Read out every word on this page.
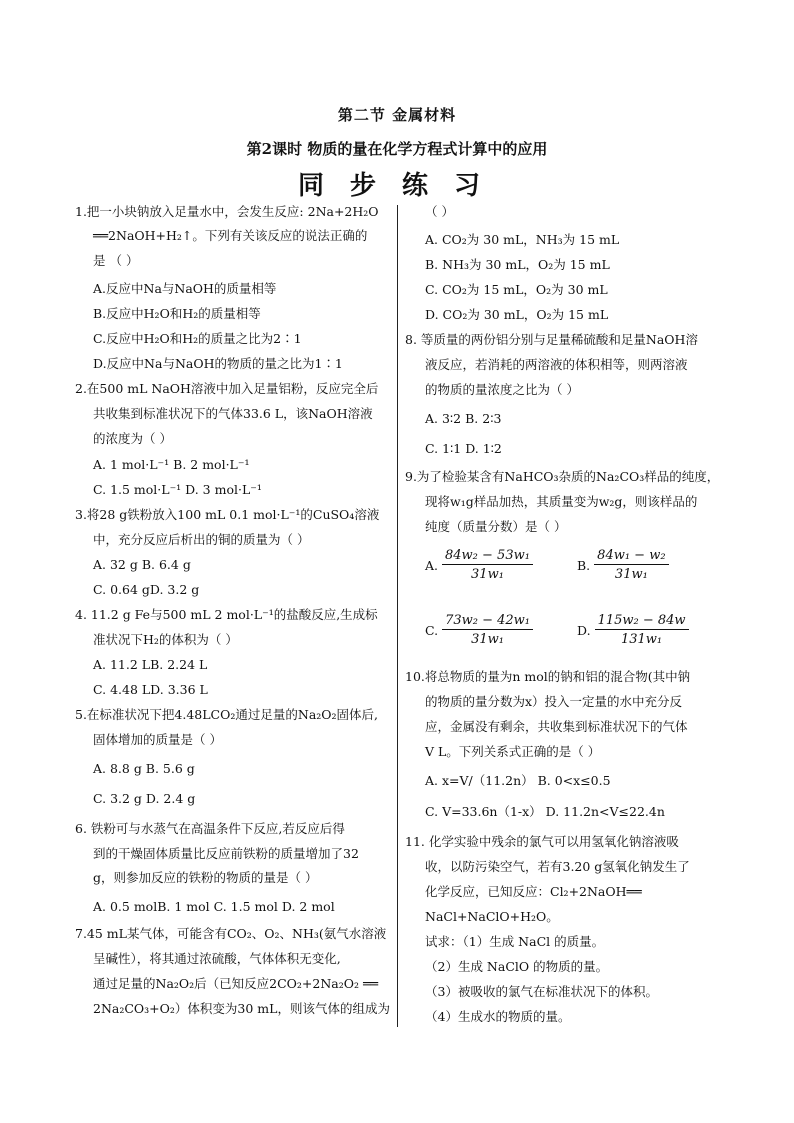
第二节 金属材料
第2课时 物质的量在化学方程式计算中的应用
同步练习
1.把一小块钠放入足量水中，会发生反应: 2Na+2H₂O
══2NaOH+H₂↑。下列有关该反应的说法正确的
是 （ ）
A.反应中Na与NaOH的质量相等
B.反应中H₂O和H₂的质量相等
C.反应中H₂O和H₂的质量之比为2∶1
D.反应中Na与NaOH的物质的量之比为1∶1
2.在500 mL NaOH溶液中加入足量铝粉，反应完全后
共收集到标准状况下的气体33.6 L，该NaOH溶液
的浓度为（ ）
A. 1 mol·L⁻¹ B. 2 mol·L⁻¹
C. 1.5 mol·L⁻¹ D. 3 mol·L⁻¹
3.将28 g铁粉放入100 mL 0.1 mol·L⁻¹的CuSO₄溶液
中，充分反应后析出的铜的质量为（ ）
A. 32 g B. 6.4 g
C. 0.64 gD. 3.2 g
4. 11.2 g Fe与500 mL 2 mol·L⁻¹的盐酸反应,生成标
准状况下H₂的体积为（ ）
A. 11.2 LB. 2.24 L
C. 4.48 LD. 3.36 L
5.在标准状况下把4.48LCO₂通过足量的Na₂O₂固体后,
固体增加的质量是（ ）
A. 8.8 g B. 5.6 g
C. 3.2 g D. 2.4 g
6. 铁粉可与水蒸气在高温条件下反应,若反应后得
到的干燥固体质量比反应前铁粉的质量增加了32
g，则参加反应的铁粉的物质的量是（ ）
A. 0.5 molB. 1 mol C. 1.5 mol D. 2 mol
7.45 mL某气体，可能含有CO₂、O₂、NH₃(氨气水溶液
呈碱性），将其通过浓硫酸，气体体积无变化,
通过足量的Na₂O₂后（已知反应2CO₂+2Na₂O₂ ══
2Na₂CO₃+O₂）体积变为30 mL，则该气体的组成为
（ ）
A. CO₂为 30 mL，NH₃为 15 mL
B. NH₃为 30 mL，O₂为 15 mL
C. CO₂为 15 mL，O₂为 30 mL
D. CO₂为 30 mL，O₂为 15 mL
8. 等质量的两份铝分别与足量稀硫酸和足量NaOH溶
液反应，若消耗的两溶液的体积相等，则两溶液
的物质的量浓度之比为（ ）
A. 3∶2 B. 2∶3
C. 1∶1 D. 1∶2
9.为了检验某含有NaHCO₃杂质的Na₂CO₃样品的纯度，
现将w₁g样品加热，其质量变为w₂g，则该样品的
纯度（质量分数）是（ ）
A. $\frac{\text{84w₂ − 53w₁}}{\text{31w₁}}$	B. $\frac{\text{84w₁ − w₂}}{\text{31w₁}}$
C. $\frac{\text{73w₂ − 42w₁}}{\text{31w₁}}$	D. $\frac{\text{115w₂ − 84w}}{\text{131w₁}}$
10.将总物质的量为n mol的钠和铝的混合物(其中钠
的物质的量分数为x）投入一定量的水中充分反
应，金属没有剩余，共收集到标准状况下的气体
V L。下列关系式正确的是（ ）
A. x=V/（11.2n） B. 0<x≤0.5
C. V=33.6n（1-x） D. 11.2n<V≤22.4n
11. 化学实验中残余的氯气可以用氢氧化钠溶液吸
收，以防污染空气，若有3.20 g氢氧化钠发生了
化学反应，已知反应：Cl₂+2NaOH══
NaCl+NaClO+H₂O。
试求：（1）生成 NaCl 的质量。
（2）生成 NaClO 的物质的量。
（3）被吸收的氯气在标准状况下的体积。
（4）生成水的物质的量。
